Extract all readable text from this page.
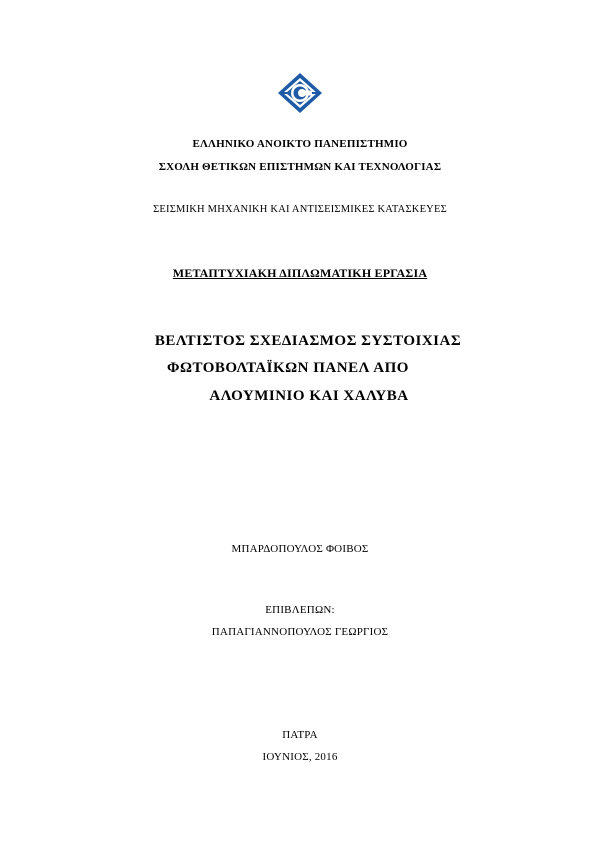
ΕΛΛΗΝΙΚΟ ΑΝΟΙΚΤΟ ΠΑΝΕΠΙΣΤΗΜΙΟ
ΣΧΟΛΗ ΘΕΤΙΚΩΝ ΕΠΙΣΤΗΜΩΝ ΚΑΙ ΤΕΧΝΟΛΟΓΙΑΣ
ΣΕΙΣΜΙΚΗ ΜΗΧΑΝΙΚΗ ΚΑΙ ΑΝΤΙΣΕΙΣΜΙΚΕΣ ΚΑΤΑΣΚΕΥΕΣ
ΜΕΤΑΠΤΥΧΙΑΚΗ ΔΙΠΛΩΜΑΤΙΚΗ ΕΡΓΑΣΙΑ
ΒΕΛΤΙΣΤΟΣ ΣΧΕΔΙΑΣΜΟΣ ΣΥΣΤΟΙΧΙΑΣ
ΦΩΤΟΒΟΛΤΑΪΚΩΝ ΠΑΝΕΛ ΑΠΟ
ΑΛΟΥΜΙΝΙΟ ΚΑΙ ΧΑΛΥΒΑ
ΜΠΑΡΔΟΠΟΥΛΟΣ ΦΟΙΒΟΣ
ΕΠΙΒΛΕΠΩΝ:
ΠΑΠΑΓΙΑΝΝΟΠΟΥΛΟΣ ΓΕΩΡΓΙΟΣ
ΠΑΤΡΑ
ΙΟΥΝΙΟΣ, 2016
